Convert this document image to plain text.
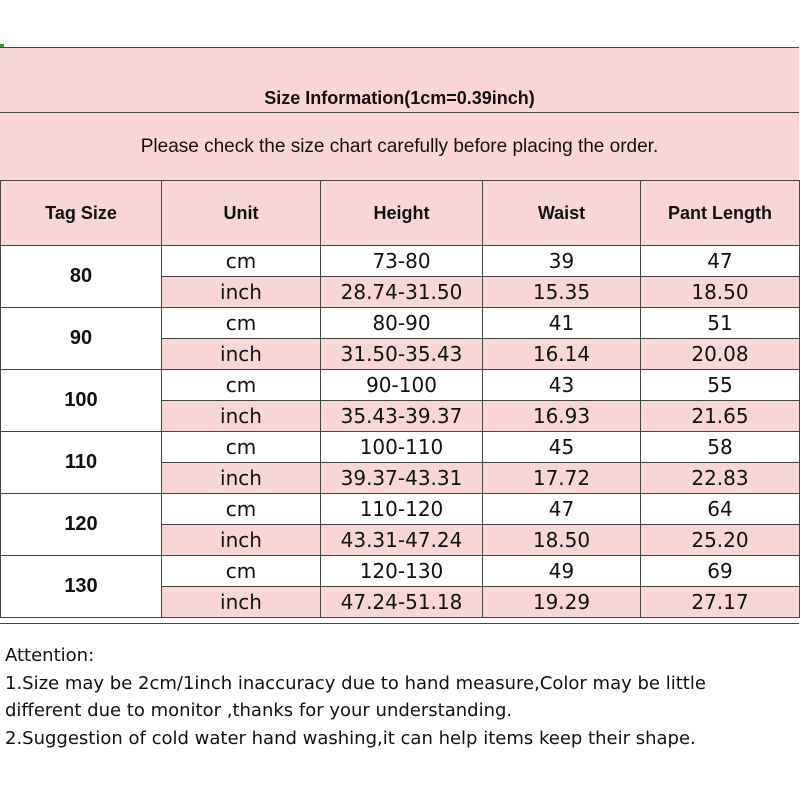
Size Information(1cm=0.39inch)
Please check the size chart carefully before placing the order.
Tag Size	Unit	Height	Waist	Pant Length
80	cm	73-80	39	47
	inch	28.74-31.50	15.35	18.50
90	cm	80-90	41	51
	inch	31.50-35.43	16.14	20.08
100	cm	90-100	43	55
	inch	35.43-39.37	16.93	21.65
110	cm	100-110	45	58
	inch	39.37-43.31	17.72	22.83
120	cm	110-120	47	64
	inch	43.31-47.24	18.50	25.20
130	cm	120-130	49	69
	inch	47.24-51.18	19.29	27.17
Attention:
1.Size may be 2cm/1inch inaccuracy due to hand measure,Color may be little
different due to monitor ,thanks for your understanding.
2.Suggestion of cold water hand washing,it can help items keep their shape.
